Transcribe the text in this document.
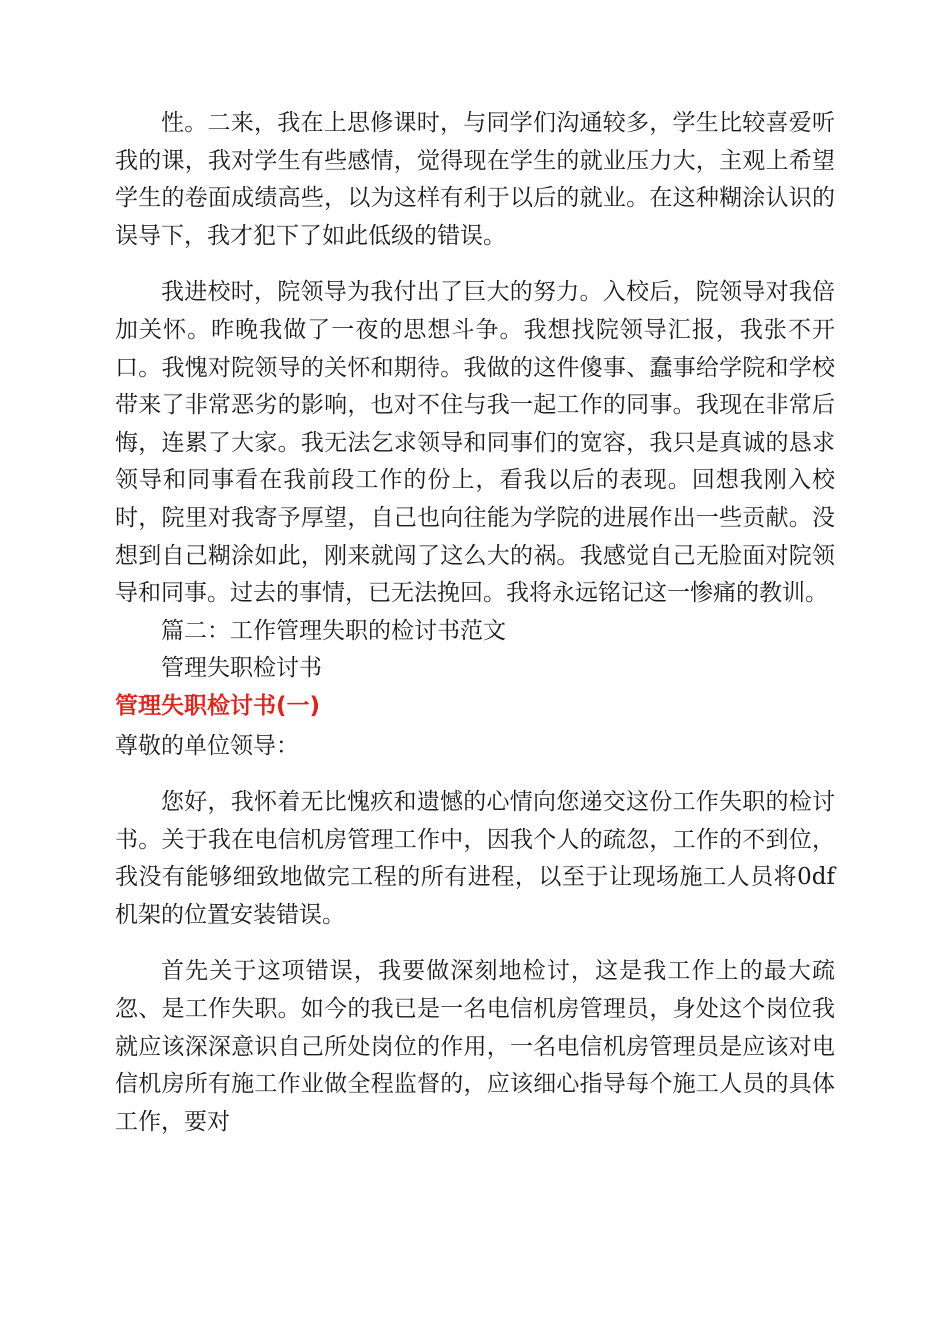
性。二来，我在上思修课时，与同学们沟通较多，学生比较喜爱听我的课，我对学生有些感情，觉得现在学生的就业压力大，主观上希望学生的卷面成绩高些，以为这样有利于以后的就业。在这种糊涂认识的误导下，我才犯下了如此低级的错误。

我进校时，院领导为我付出了巨大的努力。入校后，院领导对我倍加关怀。昨晚我做了一夜的思想斗争。我想找院领导汇报，我张不开口。我愧对院领导的关怀和期待。我做的这件傻事、蠢事给学院和学校带来了非常恶劣的影响，也对不住与我一起工作的同事。我现在非常后悔，连累了大家。我无法乞求领导和同事们的宽容，我只是真诚的恳求领导和同事看在我前段工作的份上，看我以后的表现。回想我刚入校时，院里对我寄予厚望，自己也向往能为学院的进展作出一些贡献。没想到自己糊涂如此，刚来就闯了这么大的祸。我感觉自己无脸面对院领导和同事。过去的事情，已无法挽回。我将永远铭记这一惨痛的教训。

篇二：工作管理失职的检讨书范文

管理失职检讨书

管理失职检讨书(一)

尊敬的单位领导：

您好，我怀着无比愧疚和遗憾的心情向您递交这份工作失职的检讨书。关于我在电信机房管理工作中，因我个人的疏忽，工作的不到位，我没有能够细致地做完工程的所有进程，以至于让现场施工人员将0df机架的位置安装错误。

首先关于这项错误，我要做深刻地检讨，这是我工作上的最大疏忽、是工作失职。如今的我已是一名电信机房管理员，身处这个岗位我就应该深深意识自己所处岗位的作用，一名电信机房管理员是应该对电信机房所有施工作业做全程监督的，应该细心指导每个施工人员的具体工作，要对
